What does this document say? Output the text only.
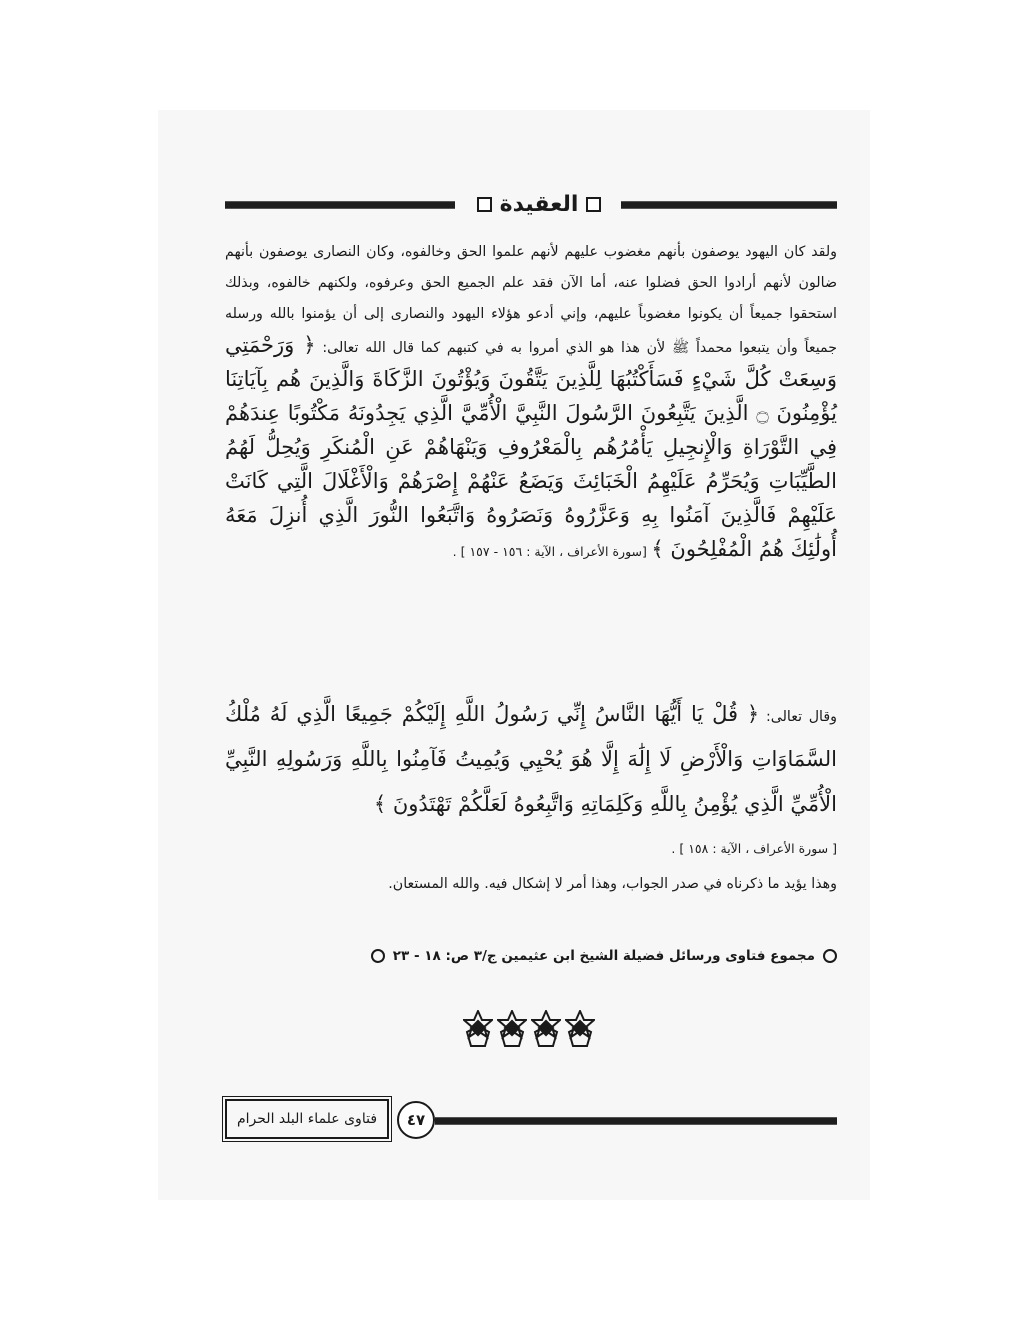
العقيدة
ولقد كان اليهود يوصفون بأنهم مغضوب عليهم لأنهم علموا الحق وخالفوه، وكان النصارى يوصفون بأنهم ضالون لأنهم أرادوا الحق فضلوا عنه، أما الآن فقد علم الجميع الحق وعرفوه، ولكنهم خالفوه، وبذلك استحقوا جميعاً أن يكونوا مغضوباً عليهم، وإني أدعو هؤلاء اليهود والنصارى إلى أن يؤمنوا بالله ورسله جميعاً وأن يتبعوا محمداً ﷺ لأن هذا هو الذي أمروا به في كتبهم كما قال الله تعالى: ﴿ وَرَحْمَتِي وَسِعَتْ كُلَّ شَيْءٍ فَسَأَكْتُبُهَا لِلَّذِينَ يَتَّقُونَ وَيُؤْتُونَ الزَّكَاةَ وَالَّذِينَ هُم بِآيَاتِنَا يُؤْمِنُونَ ۝ الَّذِينَ يَتَّبِعُونَ الرَّسُولَ النَّبِيَّ الْأُمِّيَّ الَّذِي يَجِدُونَهُ مَكْتُوبًا عِندَهُمْ فِي التَّوْرَاةِ وَالْإِنجِيلِ يَأْمُرُهُم بِالْمَعْرُوفِ وَيَنْهَاهُمْ عَنِ الْمُنكَرِ وَيُحِلُّ لَهُمُ الطَّيِّبَاتِ وَيُحَرِّمُ عَلَيْهِمُ الْخَبَائِثَ وَيَضَعُ عَنْهُمْ إِصْرَهُمْ وَالْأَغْلَالَ الَّتِي كَانَتْ عَلَيْهِمْ فَالَّذِينَ آمَنُوا بِهِ وَعَزَّرُوهُ وَنَصَرُوهُ وَاتَّبَعُوا النُّورَ الَّذِي أُنزِلَ مَعَهُ أُولَٰئِكَ هُمُ الْمُفْلِحُونَ ﴾ [سورة الأعراف ، الآية : ١٥٦ - ١٥٧ ] .
وقال تعالى: ﴿ قُلْ يَا أَيُّهَا النَّاسُ إِنِّي رَسُولُ اللَّهِ إِلَيْكُمْ جَمِيعًا الَّذِي لَهُ مُلْكُ السَّمَاوَاتِ وَالْأَرْضِ لَا إِلَٰهَ إِلَّا هُوَ يُحْيِي وَيُمِيتُ فَآمِنُوا بِاللَّهِ وَرَسُولِهِ النَّبِيِّ الْأُمِّيِّ الَّذِي يُؤْمِنُ بِاللَّهِ وَكَلِمَاتِهِ وَاتَّبِعُوهُ لَعَلَّكُمْ تَهْتَدُونَ ﴾
[ سورة الأعراف ، الآية : ١٥٨ ] .
وهذا يؤيد ما ذكرناه في صدر الجواب، وهذا أمر لا إشكال فيه. والله المستعان.
مجموع فتاوى ورسائل فضيلة الشيخ ابن عثيمين ج/٣ ص: ١٨ - ٢٣
فتاوى علماء البلد الحرام ٤٧
